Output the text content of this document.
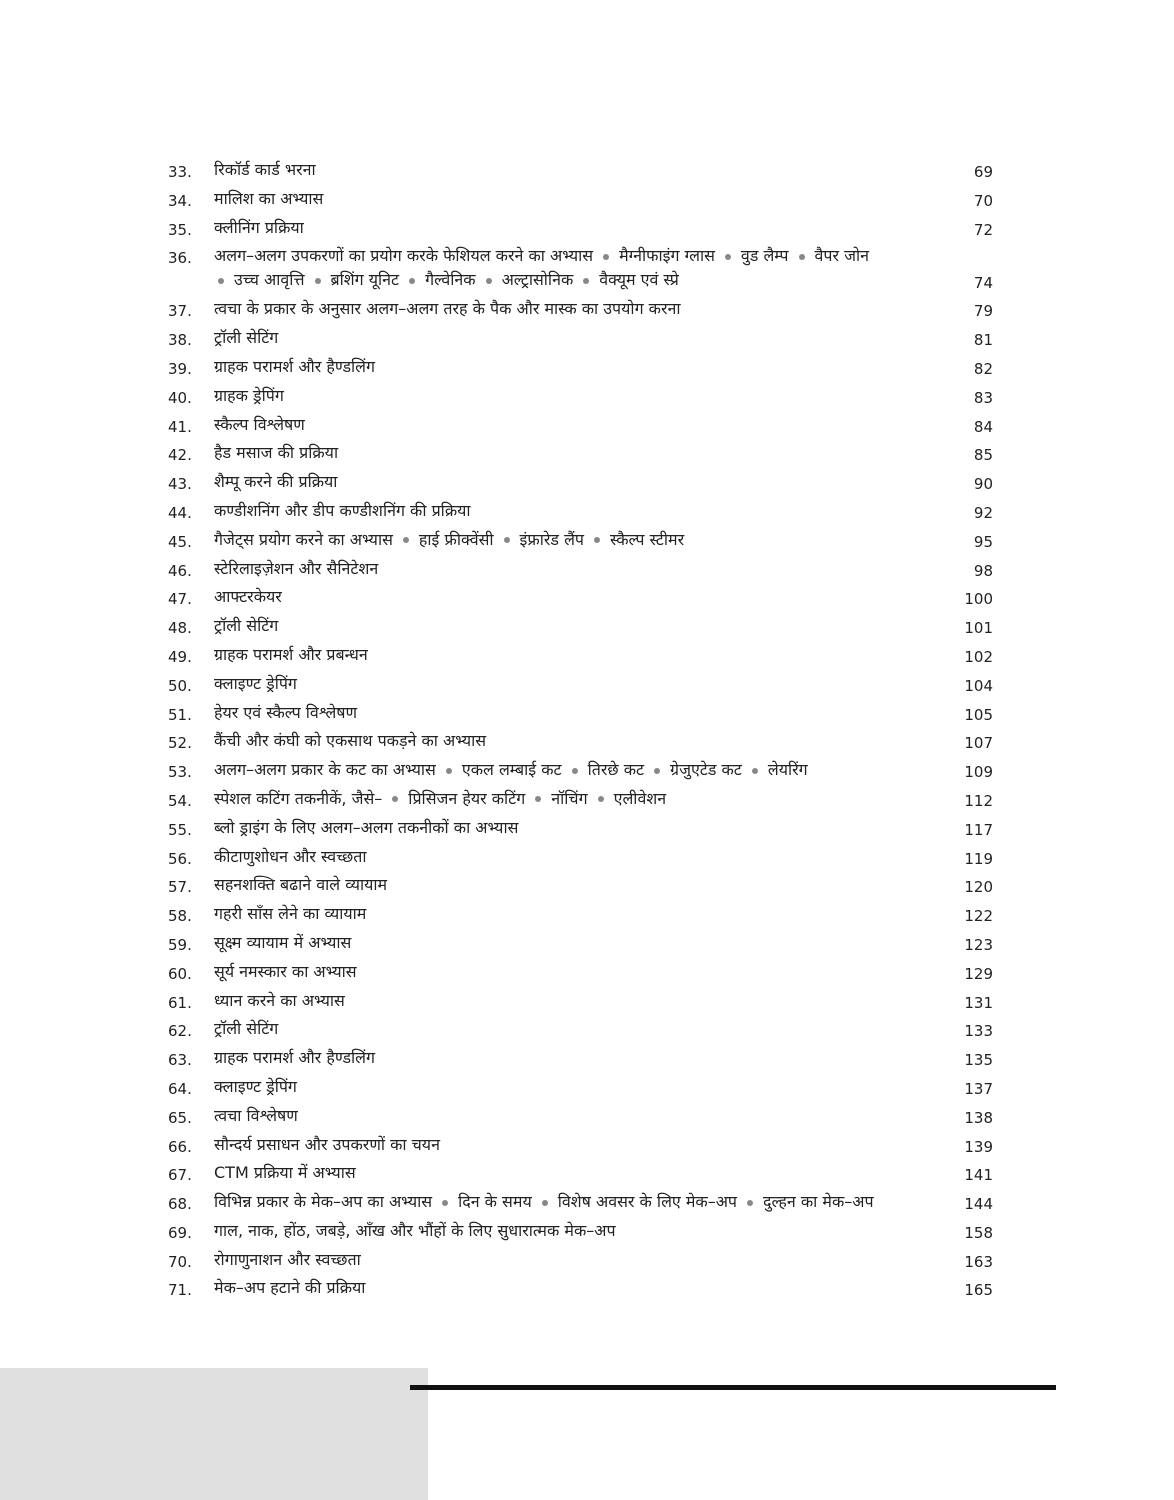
33.	रिकॉर्ड कार्ड भरना	69
34.	मालिश का अभ्यास	70
35.	क्लीनिंग प्रक्रिया	72
36.	अलग–अलग उपकरणों का प्रयोग करके फेशियल करने का अभ्यास मैग्नीफाइंग ग्लास वुड लैम्प वैपर जोन
उच्च आवृत्ति ब्रशिंग यूनिट गैल्वेनिक अल्ट्रासोनिक वैक्यूम एवं स्प्रे	74
37.	त्वचा के प्रकार के अनुसार अलग–अलग तरह के पैक और मास्क का उपयोग करना	79
38.	ट्रॉली सेटिंग	81
39.	ग्राहक परामर्श और हैण्डलिंग	82
40.	ग्राहक ड्रेपिंग	83
41.	स्कैल्प विश्लेषण	84
42.	हैड मसाज की प्रक्रिया	85
43.	शैम्पू करने की प्रक्रिया	90
44.	कण्डीशनिंग और डीप कण्डीशनिंग की प्रक्रिया	92
45.	गैजेट्स प्रयोग करने का अभ्यास हाई फ्रीक्वेंसी इंफ्रारेड लैंप स्कैल्प स्टीमर	95
46.	स्टेरिलाइज़ेशन और सैनिटेशन	98
47.	आफ्टरकेयर	100
48.	ट्रॉली सेटिंग	101
49.	ग्राहक परामर्श और प्रबन्धन	102
50.	क्लाइण्ट ड्रेपिंग	104
51.	हेयर एवं स्कैल्प विश्लेषण	105
52.	कैंची और कंघी को एकसाथ पकड़ने का अभ्यास	107
53.	अलग–अलग प्रकार के कट का अभ्यास एकल लम्बाई कट तिरछे कट ग्रेजुएटेड कट लेयरिंग	109
54.	स्पेशल कटिंग तकनीकें, जैसे– प्रिसिजन हेयर कटिंग नॉचिंग एलीवेशन	112
55.	ब्लो ड्राइंग के लिए अलग–अलग तकनीकों का अभ्यास	117
56.	कीटाणुशोधन और स्वच्छता	119
57.	सहनशक्ति बढाने वाले व्यायाम	120
58.	गहरी साँस लेने का व्यायाम	122
59.	सूक्ष्म व्यायाम में अभ्यास	123
60.	सूर्य नमस्कार का अभ्यास	129
61.	ध्यान करने का अभ्यास	131
62.	ट्रॉली सेटिंग	133
63.	ग्राहक परामर्श और हैण्डलिंग	135
64.	क्लाइण्ट ड्रेपिंग	137
65.	त्वचा विश्लेषण	138
66.	सौन्दर्य प्रसाधन और उपकरणों का चयन	139
67.	CTM प्रक्रिया में अभ्यास	141
68.	विभिन्न प्रकार के मेक–अप का अभ्यास दिन के समय विशेष अवसर के लिए मेक–अप दुल्हन का मेक–अप	144
69.	गाल, नाक, होंठ, जबड़े, आँख और भौंहों के लिए सुधारात्मक मेक–अप	158
70.	रोगाणुनाशन और स्वच्छता	163
71.	मेक–अप हटाने की प्रक्रिया	165
